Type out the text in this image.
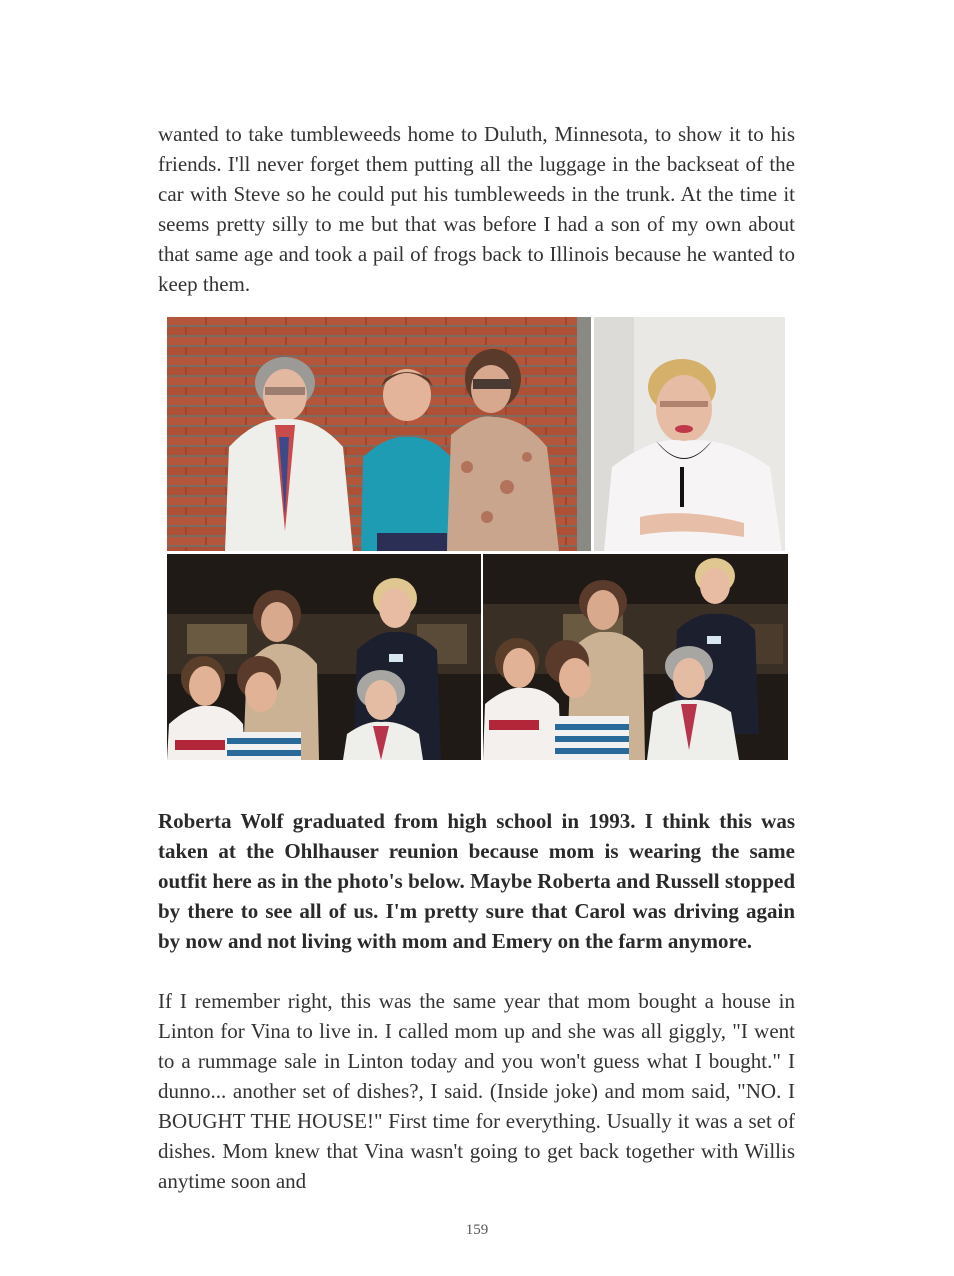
wanted to take tumbleweeds home to Duluth, Minnesota, to show it to his friends. I'll never forget them putting all the luggage in the backseat of the car with Steve so he could put his tumbleweeds in the trunk. At the time it seems pretty silly to me but that was before I had a son of my own about that same age and took a pail of frogs back to Illinois because he wanted to keep them.

Roberta Wolf graduated from high school in 1993. I think this was taken at the Ohlhauser reunion because mom is wearing the same outfit here as in the photo's below. Maybe Roberta and Russell stopped by there to see all of us. I'm pretty sure that Carol was driving again by now and not living with mom and Emery on the farm anymore.

If I remember right, this was the same year that mom bought a house in Linton for Vina to live in. I called mom up and she was all giggly, "I went to a rummage sale in Linton today and you won't guess what I bought." I dunno... another set of dishes?, I said. (Inside joke) and mom said, "NO. I BOUGHT THE HOUSE!" First time for everything. Usually it was a set of dishes. Mom knew that Vina wasn't going to get back together with Willis anytime soon and

159
